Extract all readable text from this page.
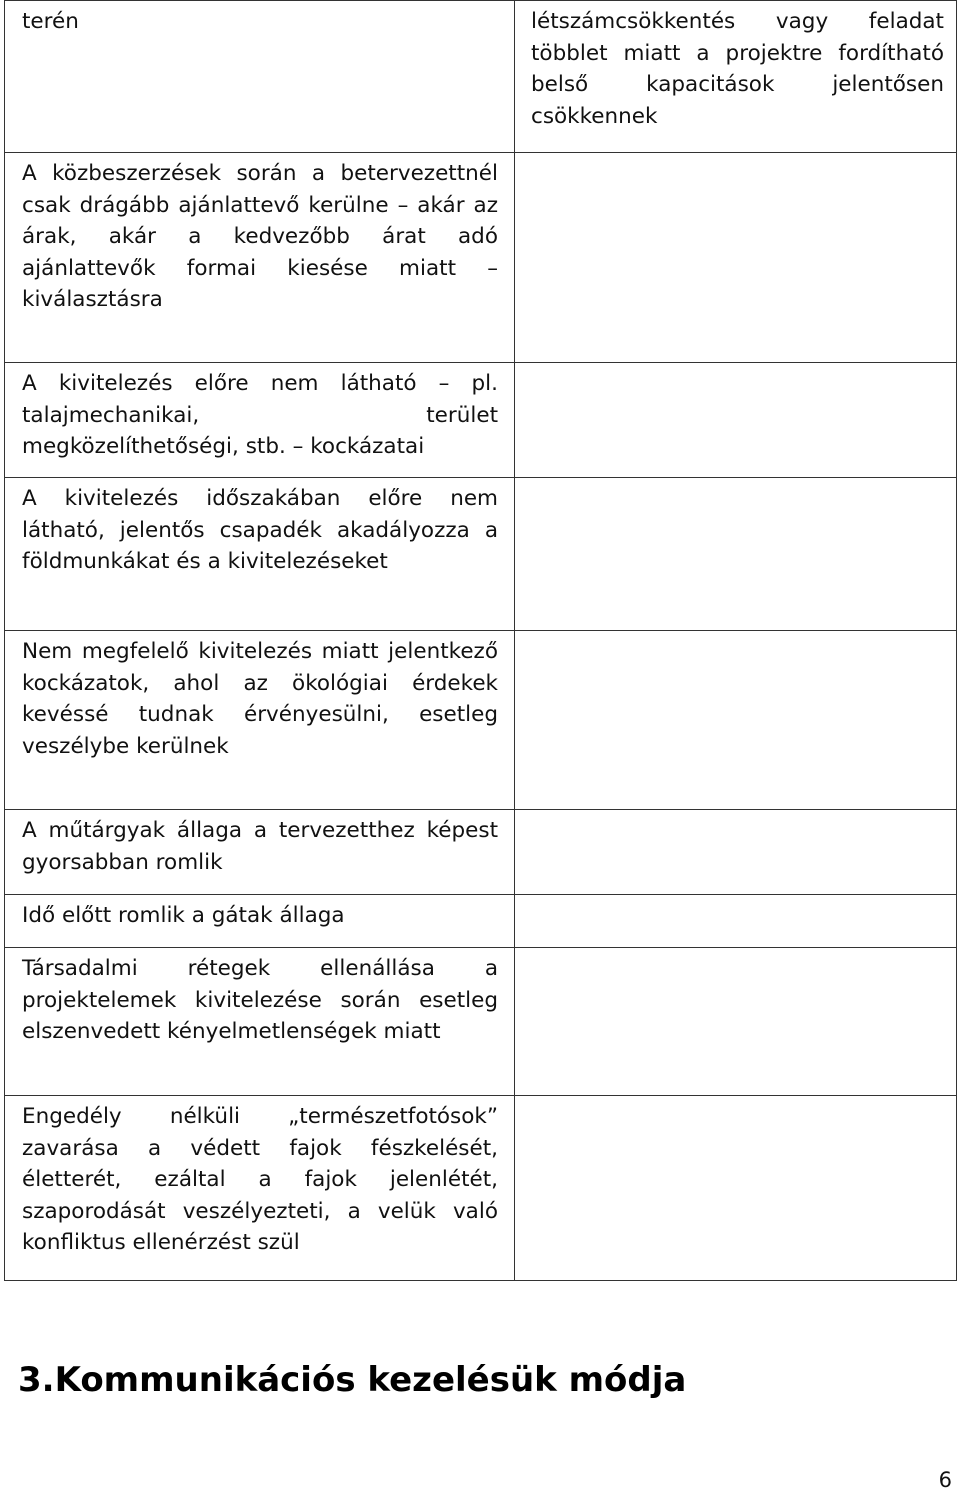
terén	létszámcsökkentés vagy feladat többlet miatt a projektre fordítható belső kapacitások jelentősen csökkennek
A közbeszerzések során a betervezettnél csak drágább ajánlattevő kerülne – akár az árak, akár a kedvezőbb árat adó ajánlattevők formai kiesése miatt – kiválasztásra	
A kivitelezés előre nem látható – pl. talajmechanikai, terület megközelíthetőségi, stb. – kockázatai	
A kivitelezés időszakában előre nem látható, jelentős csapadék akadályozza a földmunkákat és a kivitelezéseket	
Nem megfelelő kivitelezés miatt jelentkező kockázatok, ahol az ökológiai érdekek kevéssé tudnak érvényesülni, esetleg veszélybe kerülnek	
A műtárgyak állaga a tervezetthez képest gyorsabban romlik	
Idő előtt romlik a gátak állaga	
Társadalmi rétegek ellenállása a projektelemek kivitelezése során esetleg elszenvedett kényelmetlenségek miatt	
Engedély nélküli „természetfotósok” zavarása a védett fajok fészkelését, életterét, ezáltal a fajok jelenlétét, szaporodását veszélyezteti, a velük való konfliktus ellenérzést szül	
3.Kommunikációs kezelésük módja
6
